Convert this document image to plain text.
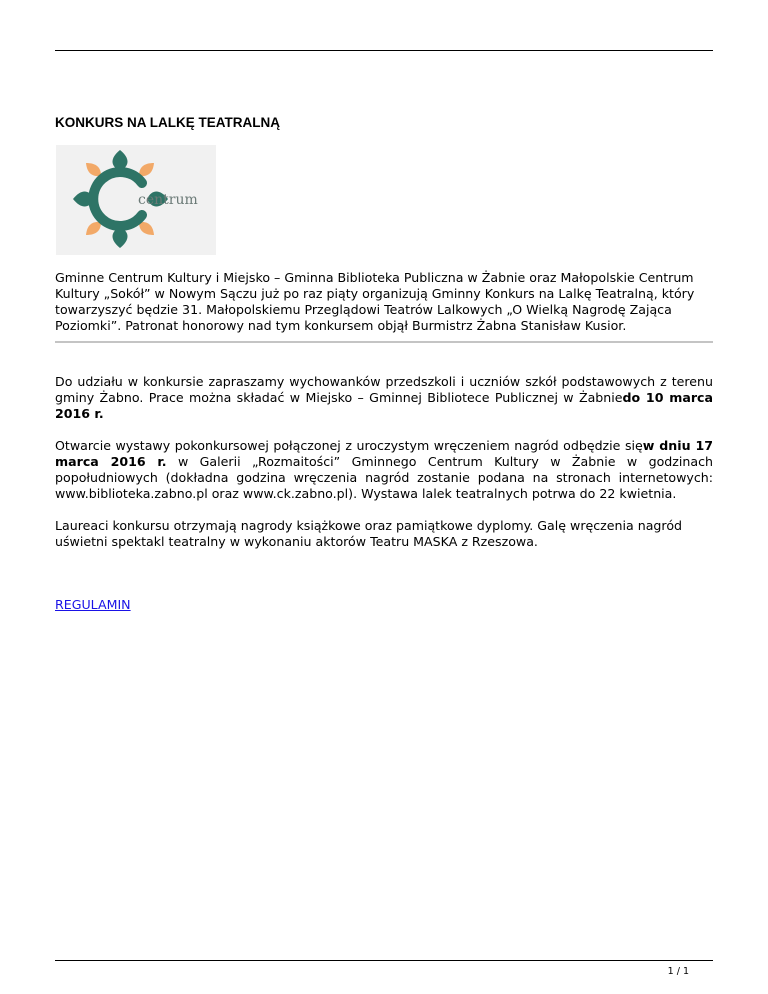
KONKURS NA LALKĘ TEATRALNĄ
centrum

Gminne Centrum Kultury i Miejsko – Gminna Biblioteka Publiczna w Żabnie oraz Małopolskie Centrum Kultury „Sokół” w Nowym Sączu już po raz piąty organizują Gminny Konkurs na Lalkę Teatralną, który towarzyszyć będzie 31. Małopolskiemu Przeglądowi Teatrów Lalkowych „O Wielką Nagrodę Zająca Poziomki”. Patronat honorowy nad tym konkursem objął Burmistrz Żabna Stanisław Kusior.

Do udziału w konkursie zapraszamy wychowanków przedszkoli i uczniów szkół podstawowych z terenu gminy Żabno. Prace można składać w Miejsko – Gminnej Bibliotece Publicznej w Żabniedo 10 marca 2016 r.

Otwarcie wystawy pokonkursowej połączonej z uroczystym wręczeniem nagród odbędzie sięw dniu 17 marca 2016 r. w Galerii „Rozmaitości” Gminnego Centrum Kultury w Żabnie w godzinach popołudniowych (dokładna godzina wręczenia nagród zostanie podana na stronach internetowych: www.biblioteka.zabno.pl oraz www.ck.zabno.pl). Wystawa lalek teatralnych potrwa do 22 kwietnia.

Laureaci konkursu otrzymają nagrody książkowe oraz pamiątkowe dyplomy. Galę wręczenia nagród uświetni spektakl teatralny w wykonaniu aktorów Teatru MASKA z Rzeszowa.

REGULAMIN
1 / 1
